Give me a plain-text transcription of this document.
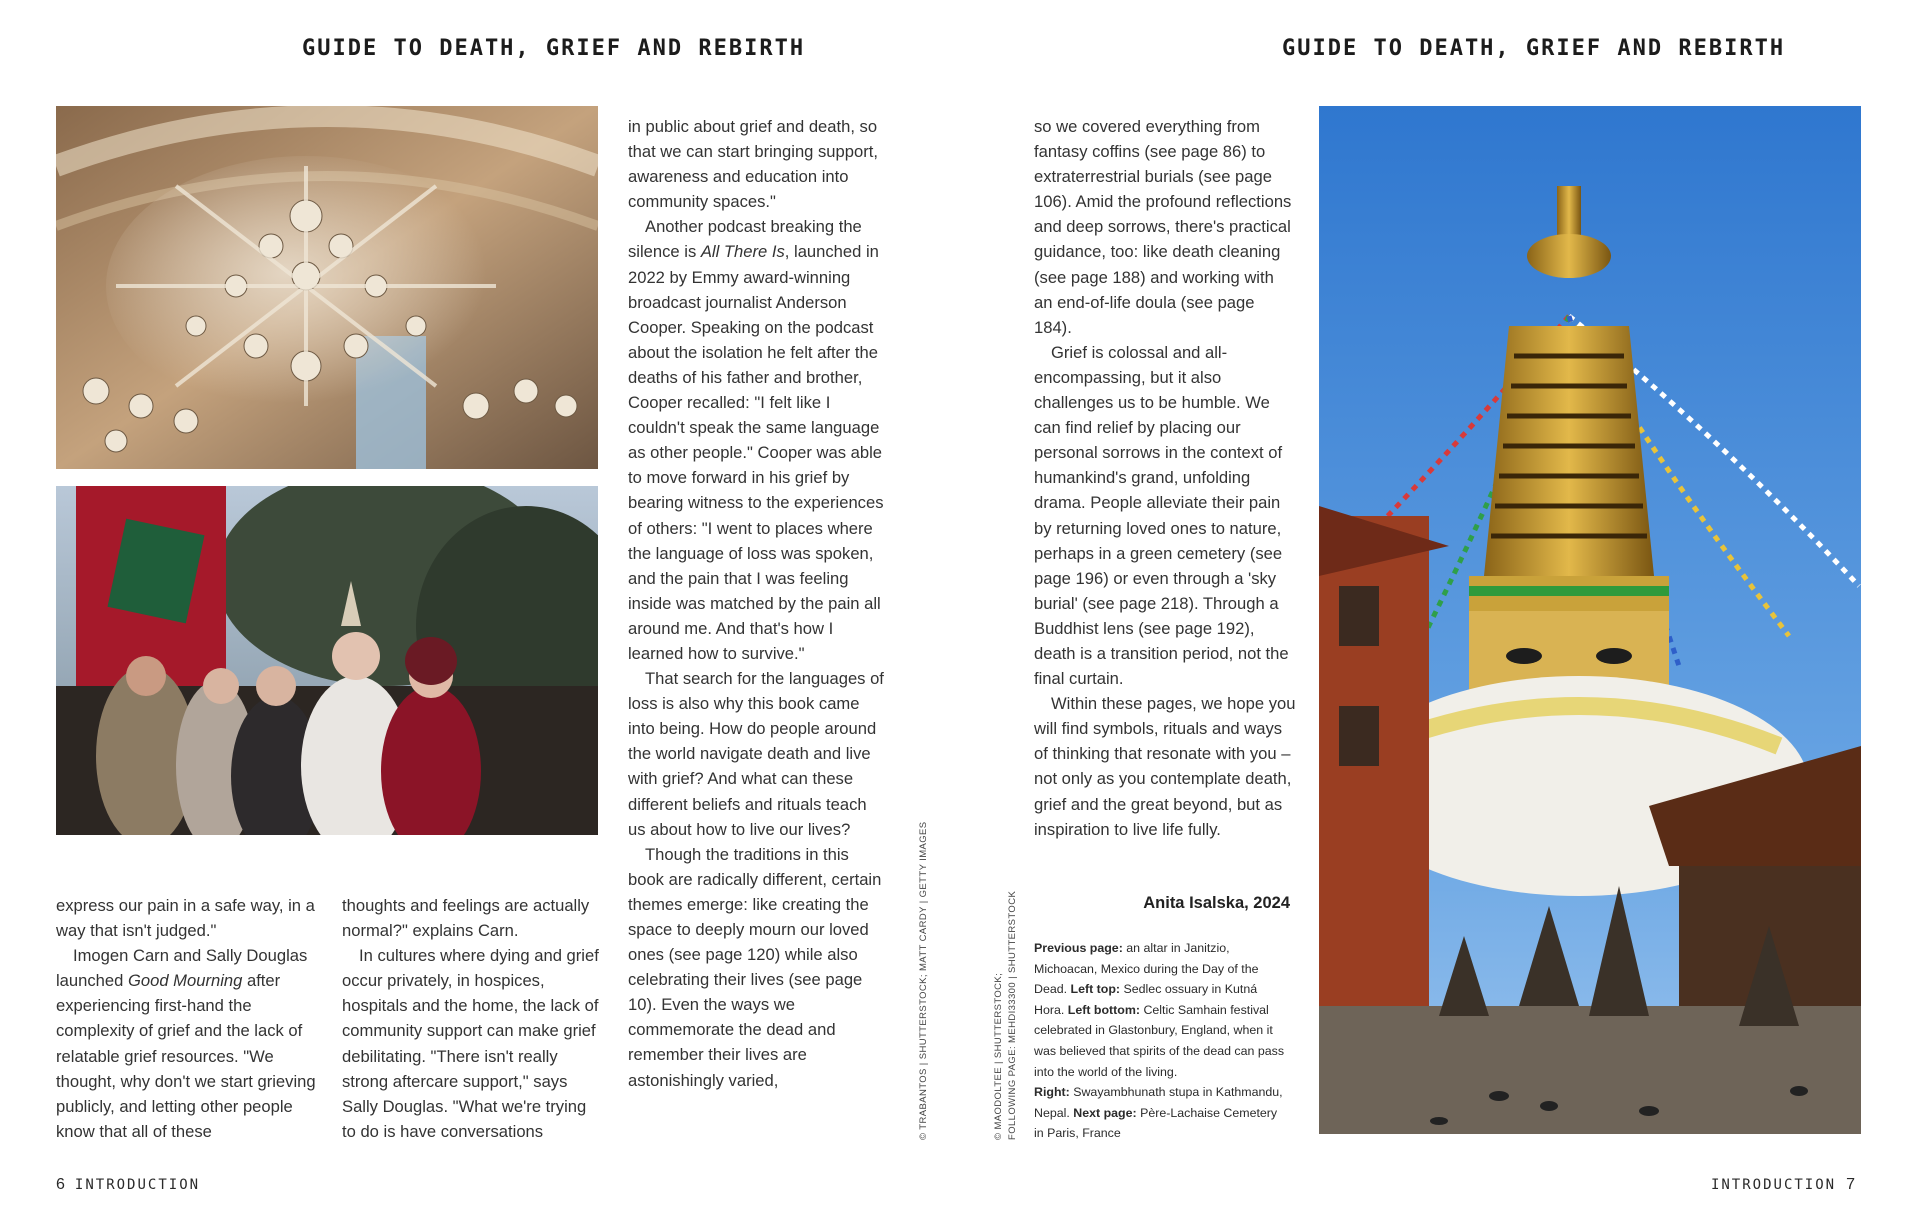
GUIDE TO DEATH, GRIEF AND REBIRTH	GUIDE TO DEATH, GRIEF AND REBIRTH

express our pain in a safe way, in a way that isn't judged."

Imogen Carn and Sally Douglas launched Good Mourning after experiencing first-hand the complexity of grief and the lack of relatable grief resources. "We thought, why don't we start grieving publicly, and letting other people know that all of these

thoughts and feelings are actually normal?" explains Carn.

In cultures where dying and grief occur privately, in hospices, hospitals and the home, the lack of community support can make grief debilitating. "There isn't really strong aftercare support," says Sally Douglas. "What we're trying to do is have conversations

in public about grief and death, so that we can start bringing support, awareness and education into community spaces."

Another podcast breaking the silence is All There Is, launched in 2022 by Emmy award-winning broadcast journalist Anderson Cooper. Speaking on the podcast about the isolation he felt after the deaths of his father and brother, Cooper recalled: "I felt like I couldn't speak the same language as other people." Cooper was able to move forward in his grief by bearing witness to the experiences of others: "I went to places where the language of loss was spoken, and the pain that I was feeling inside was matched by the pain all around me. And that's how I learned how to survive."

That search for the languages of loss is also why this book came into being. How do people around the world navigate death and live with grief? And what can these different beliefs and rituals teach us about how to live our lives?

Though the traditions in this book are radically different, certain themes emerge: like creating the space to deeply mourn our loved ones (see page 120) while also celebrating their lives (see page 10). Even the ways we commemorate the dead and remember their lives are astonishingly varied,

so we covered everything from fantasy coffins (see page 86) to extraterrestrial burials (see page 106). Amid the profound reflections and deep sorrows, there's practical guidance, too: like death cleaning (see page 188) and working with an end-of-life doula (see page 184).

Grief is colossal and all-encompassing, but it also challenges us to be humble. We can find relief by placing our personal sorrows in the context of humankind's grand, unfolding drama. People alleviate their pain by returning loved ones to nature, perhaps in a green cemetery (see page 196) or even through a 'sky burial' (see page 218). Through a Buddhist lens (see page 192), death is a transition period, not the final curtain.

Within these pages, we hope you will find symbols, rituals and ways of thinking that resonate with you – not only as you contemplate death, grief and the great beyond, but as inspiration to live life fully.

Anita Isalska, 2024
Previous page: an altar in Janitzio, Michoacan, Mexico during the Day of the Dead. Left top: Sedlec ossuary in Kutná Hora. Left bottom: Celtic Samhain festival celebrated in Glastonbury, England, when it was believed that spirits of the dead can pass into the world of the living.
Right: Swayambhunath stupa in Kathmandu, Nepal. Next page: Père-Lachaise Cemetery in Paris, France
© TRABANTOS | SHUTTERSTOCK; MATT CARDY | GETTY IMAGES	© MAODOLTEE | SHUTTERSTOCK; FOLLOWING PAGE: MEHDI33300 | SHUTTERSTOCK
6 INTRODUCTION	INTRODUCTION 7
